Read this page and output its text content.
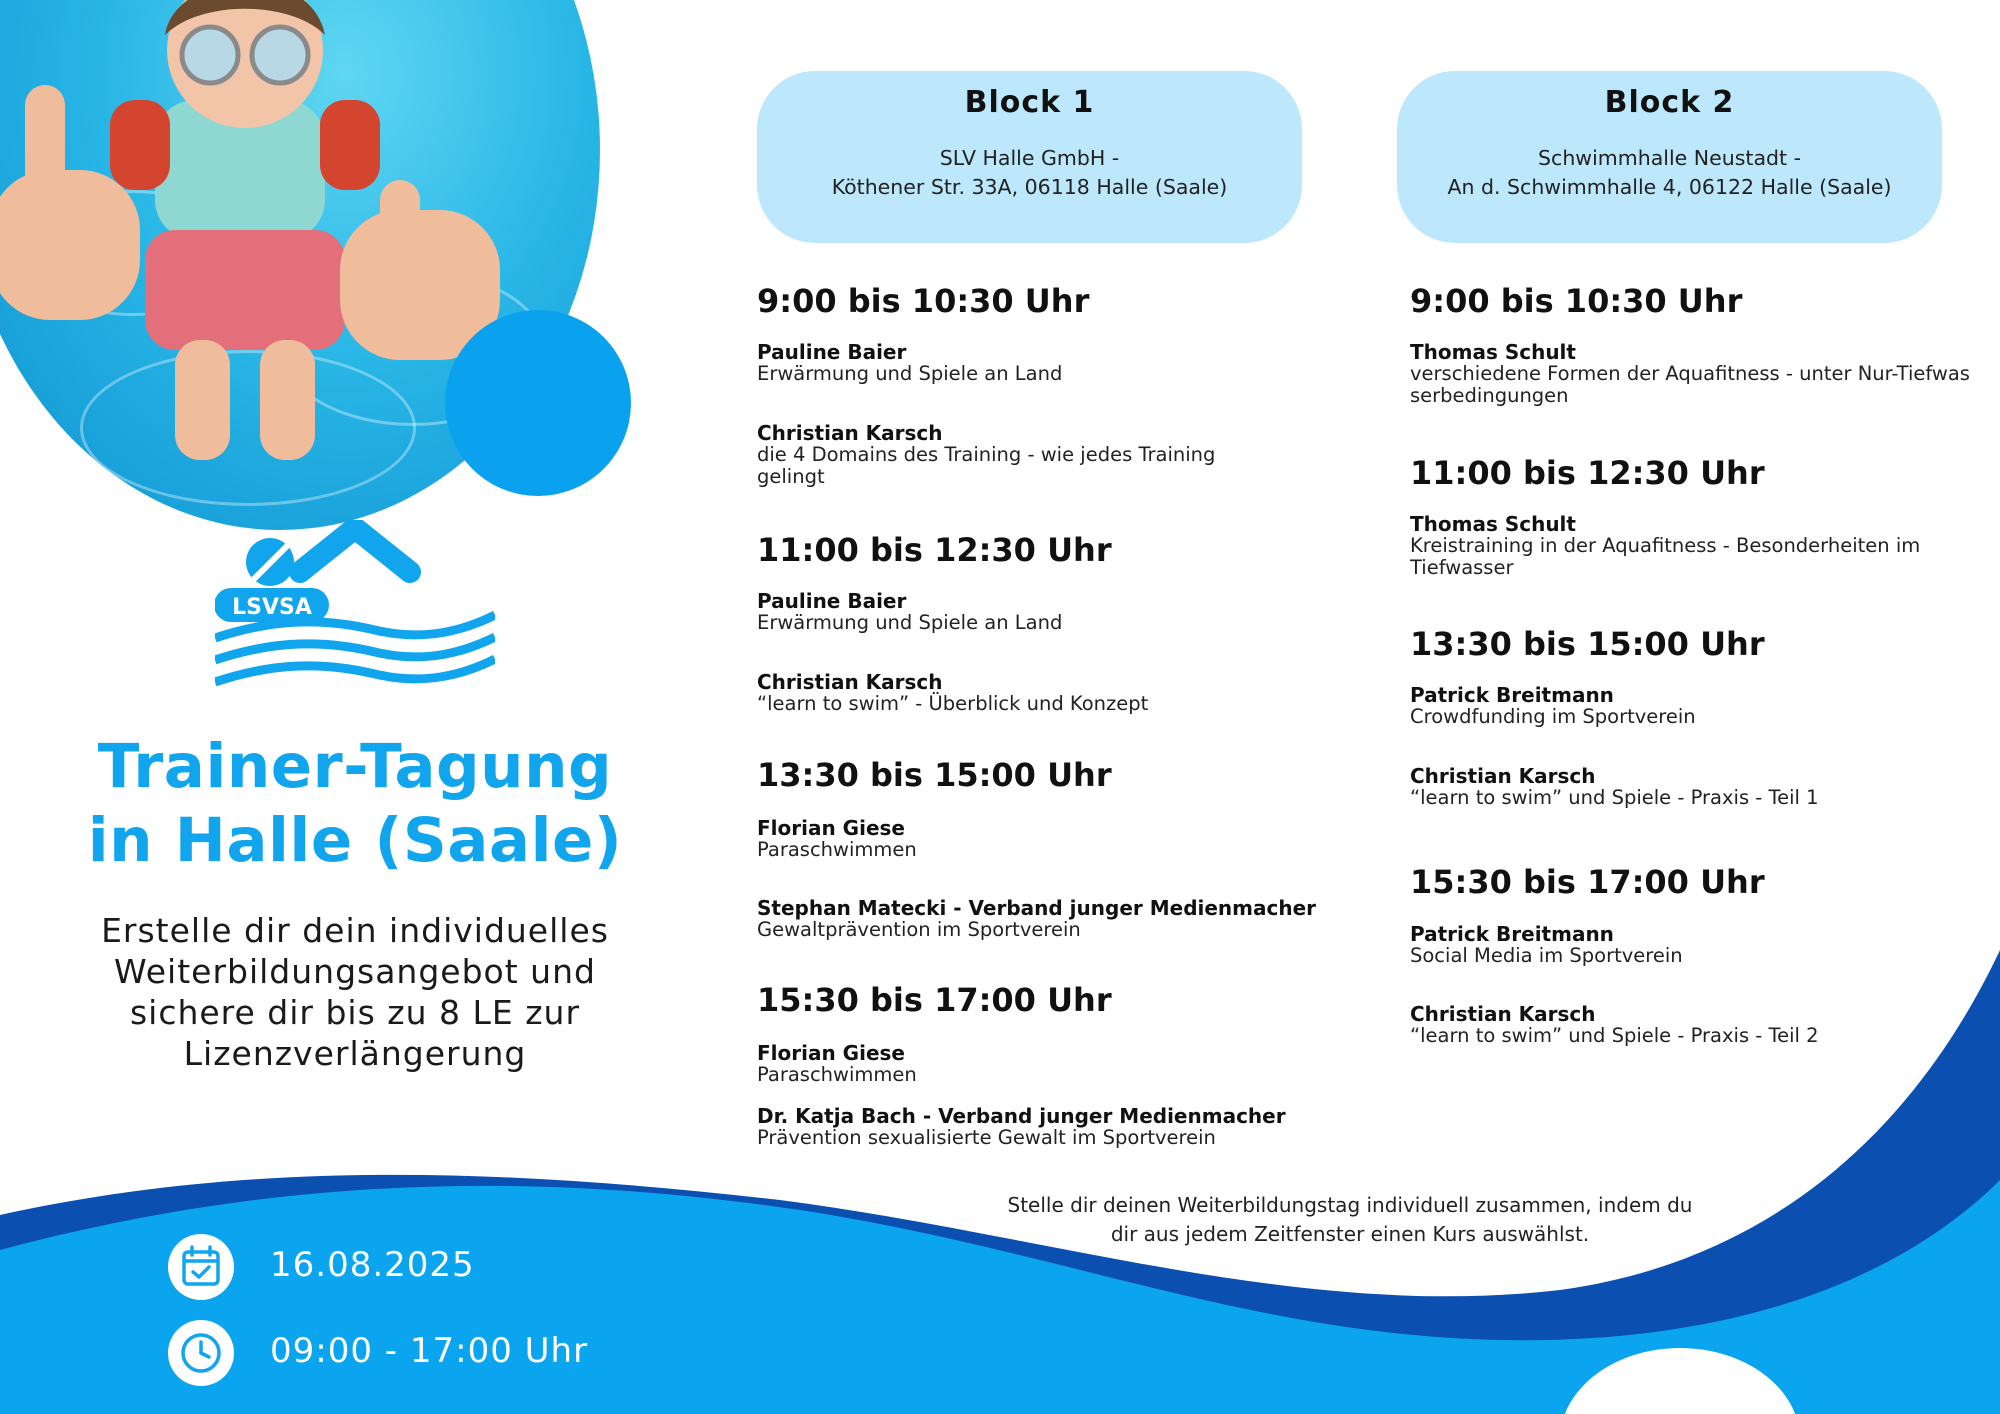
LSVSA
Trainer-Tagung
in Halle (Saale)
Erstelle dir dein individuelles
Weiterbildungsangebot und
sichere dir bis zu 8 LE zur
Lizenzverlängerung
Block 1
SLV Halle GmbH -
Köthener Str. 33A, 06118 Halle (Saale)
Block 2
Schwimmhalle Neustadt -
An d. Schwimmhalle 4, 06122 Halle (Saale)
9:00 bis 10:30 Uhr
Pauline Baier
Erwärmung und Spiele an Land
Christian Karsch
die 4 Domains des Training - wie jedes Training gelingt
11:00 bis 12:30 Uhr
Pauline Baier
Erwärmung und Spiele an Land
Christian Karsch
“learn to swim” - Überblick und Konzept
13:30 bis 15:00 Uhr
Florian Giese
Paraschwimmen
Stephan Matecki - Verband junger Medienmacher
Gewaltprävention im Sportverein
15:30 bis 17:00 Uhr
Florian Giese
Paraschwimmen
Dr. Katja Bach - Verband junger Medienmacher
Prävention sexualisierte Gewalt im Sportverein
9:00 bis 10:30 Uhr
Thomas Schult
verschiedene Formen der Aquafitness - unter Nur-Tiefwasserbedingungen
11:00 bis 12:30 Uhr
Thomas Schult
Kreistraining in der Aquafitness - Besonderheiten im Tiefwasser
13:30 bis 15:00 Uhr
Patrick Breitmann
Crowdfunding im Sportverein
Christian Karsch
“learn to swim” und Spiele - Praxis - Teil 1
15:30 bis 17:00 Uhr
Patrick Breitmann
Social Media im Sportverein
Christian Karsch
“learn to swim” und Spiele - Praxis - Teil 2
Stelle dir deinen Weiterbildungstag individuell zusammen, indem du
dir aus jedem Zeitfenster einen Kurs auswählst.
16.08.2025
09:00 - 17:00 Uhr
